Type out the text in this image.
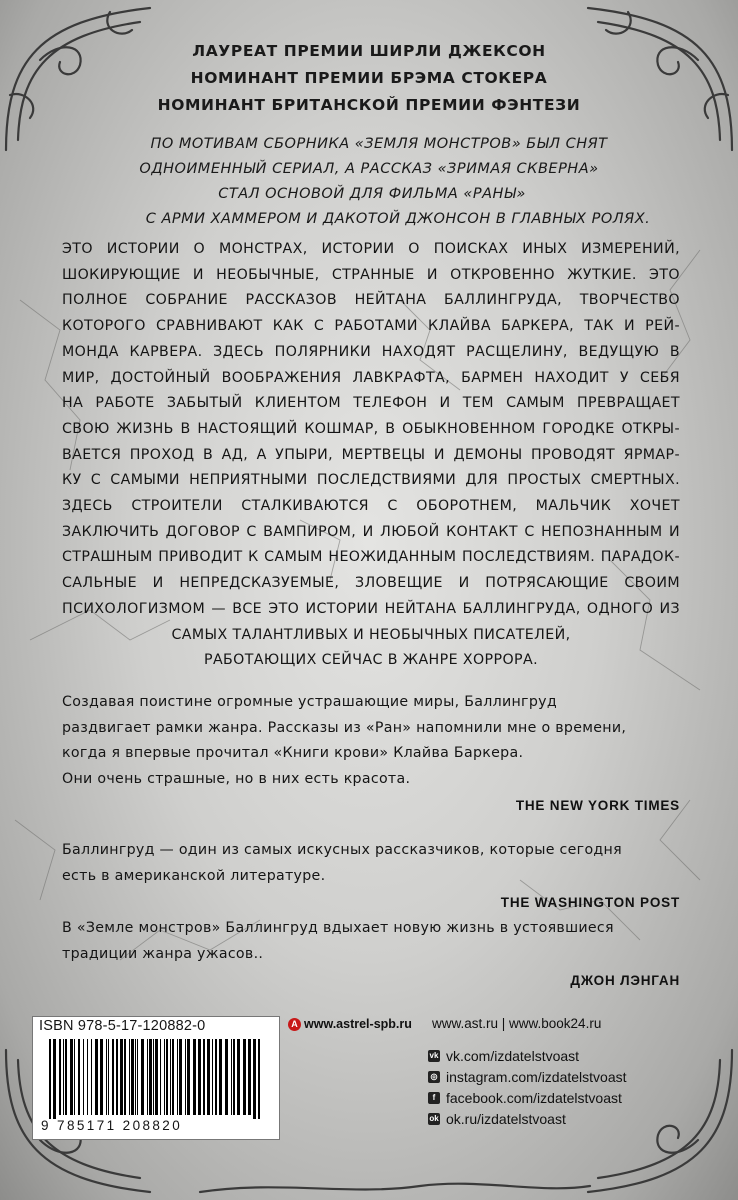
ЛАУРЕАТ ПРЕМИИ ШИРЛИ ДЖЕКСОН
НОМИНАНТ ПРЕМИИ БРЭМА СТОКЕРА
НОМИНАНТ БРИТАНСКОЙ ПРЕМИИ ФЭНТЕЗИ
ПО МОТИВАМ СБОРНИКА «ЗЕМЛЯ МОНСТРОВ» БЫЛ СНЯТ
ОДНОИМЕННЫЙ СЕРИАЛ, А РАССКАЗ «ЗРИМАЯ СКВЕРНА»
СТАЛ ОСНОВОЙ ДЛЯ ФИЛЬМА «РАНЫ»
С АРМИ ХАММЕРОМ И ДАКОТОЙ ДЖОНСОН В ГЛАВНЫХ РОЛЯХ.
ЭТО ИСТОРИИ О МОНСТРАХ, ИСТОРИИ О ПОИСКАХ ИНЫХ ИЗМЕРЕНИЙ,
ШОКИРУЮЩИЕ И НЕОБЫЧНЫЕ, СТРАННЫЕ И ОТКРОВЕННО ЖУТКИЕ. ЭТО
ПОЛНОЕ СОБРАНИЕ РАССКАЗОВ НЕЙТАНА БАЛЛИНГРУДА, ТВОРЧЕСТВО
КОТОРОГО СРАВНИВАЮТ КАК С РАБОТАМИ КЛАЙВА БАРКЕРА, ТАК И РЕЙ-
МОНДА КАРВЕРА. ЗДЕСЬ ПОЛЯРНИКИ НАХОДЯТ РАСЩЕЛИНУ, ВЕДУЩУЮ В
МИР, ДОСТОЙНЫЙ ВООБРАЖЕНИЯ ЛАВКРАФТА, БАРМЕН НАХОДИТ У СЕБЯ
НА РАБОТЕ ЗАБЫТЫЙ КЛИЕНТОМ ТЕЛЕФОН И ТЕМ САМЫМ ПРЕВРАЩАЕТ
СВОЮ ЖИЗНЬ В НАСТОЯЩИЙ КОШМАР, В ОБЫКНОВЕННОМ ГОРОДКЕ ОТКРЫ-
ВАЕТСЯ ПРОХОД В АД, А УПЫРИ, МЕРТВЕЦЫ И ДЕМОНЫ ПРОВОДЯТ ЯРМАР-
КУ С САМЫМИ НЕПРИЯТНЫМИ ПОСЛЕДСТВИЯМИ ДЛЯ ПРОСТЫХ СМЕРТНЫХ.
ЗДЕСЬ СТРОИТЕЛИ СТАЛКИВАЮТСЯ С ОБОРОТНЕМ, МАЛЬЧИК ХОЧЕТ
ЗАКЛЮЧИТЬ ДОГОВОР С ВАМПИРОМ, И ЛЮБОЙ КОНТАКТ С НЕПОЗНАННЫМ И
СТРАШНЫМ ПРИВОДИТ К САМЫМ НЕОЖИДАННЫМ ПОСЛЕДСТВИЯМ. ПАРАДОК-
САЛЬНЫЕ И НЕПРЕДСКАЗУЕМЫЕ, ЗЛОВЕЩИЕ И ПОТРЯСАЮЩИЕ СВОИМ
ПСИХОЛОГИЗМОМ — ВСЕ ЭТО ИСТОРИИ НЕЙТАНА БАЛЛИНГРУДА, ОДНОГО ИЗ
САМЫХ ТАЛАНТЛИВЫХ И НЕОБЫЧНЫХ ПИСАТЕЛЕЙ,
РАБОТАЮЩИХ СЕЙЧАС В ЖАНРЕ ХОРРОРА.
Создавая поистине огромные устрашающие миры, Баллингруд
раздвигает рамки жанра. Рассказы из «Ран» напомнили мне о времени,
когда я впервые прочитал «Книги крови» Клайва Баркера.
Они очень страшные, но в них есть красота.
THE NEW YORK TIMES
Баллингруд — один из самых искусных рассказчиков, которые сегодня
есть в американской литературе.
THE WASHINGTON POST
В «Земле монстров» Баллингруд вдыхает новую жизнь в устоявшиеся
традиции жанра ужасов..
ДЖОН ЛЭНГАН
ISBN 978-5-17-120882-0
9 785171 208820
А www.astrel-spb.ru www.ast.ru | www.book24.ru
vk vk.com/izdatelstvoast
◎ instagram.com/izdatelstvoast
f facebook.com/izdatelstvoast
ok ok.ru/izdatelstvoast
